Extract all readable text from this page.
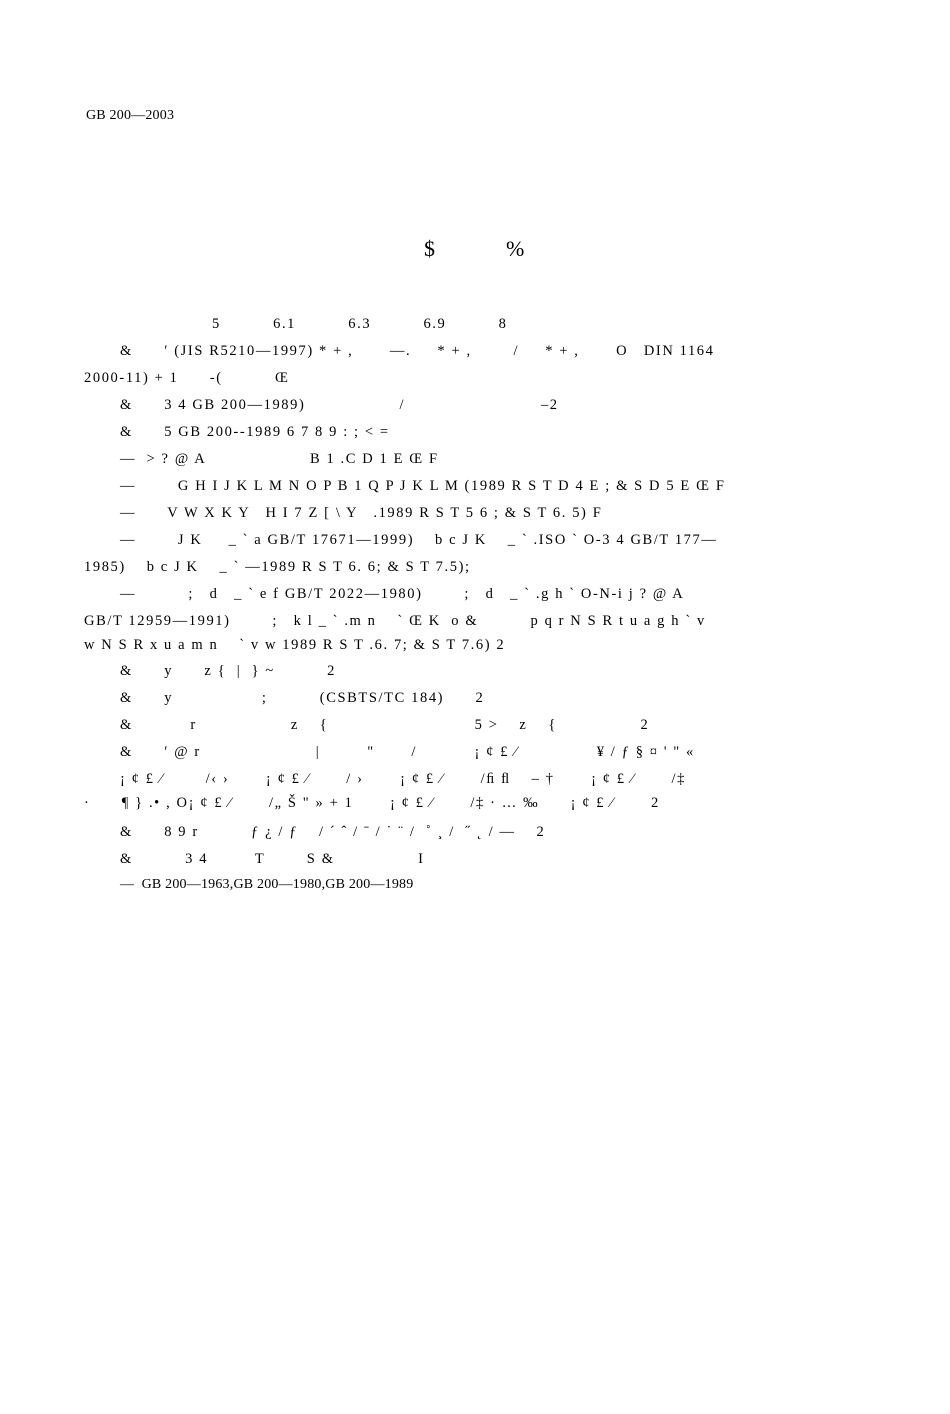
GB 200—2003
$	%
5          6.1          6.3          6.9          8
&      ′ (JIS R5210—1997) * + ,       —.     * + ,        /     * + ,       O   DIN 1164
2000-11) + 1      ‐(          Œ
&      3 4 GB 200—1989)                  /                          ‒2
&      5 GB 200--1989 6 7 8 9 : ; < =
—  > ? @ A                    B 1 .C D 1 E Œ F
—        G H I J K L M N O P B 1 Q P J K L M (1989 R S T D 4 E ; & S D 5 E Œ F
—      V W X K Y   H I 7 Z [ \ Y   .1989 R S T 5 6 ; & S T 6. 5) F
—        J K     _ ` a GB/T 17671—1999)    b c J K    _ ` .ISO ` O-3 4 GB/T 177—
1985)    b c J K    _ ` —1989 R S T 6. 6; & S T 7.5);
—          ;   d   _ ` e f GB/T 2022—1980)        ;   d   _ ` .g h ` O-N-i j ? @ A
GB/T 12959—1991)        ;   k l _ ` .m n    ` Œ K  o &          p q r N S R t u a g h ` v
w N S R x u a m n    ` v w 1989 R S T .6. 7; & S T 7.6) 2
&      y      z {  |  } ~          2
&      y                 ;          (CSBTS/TC 184)      2
&           r                  z    {                            5 >    z    {                2
&      ′ @ r                      |         "       /           ¡ ¢ £ ⁄               ¥ / ƒ § ¤ ' " «
¡ ¢ £ ⁄        /‹ ›       ¡ ¢ £ ⁄       / ›       ¡ ¢ £ ⁄       /ﬁ ﬂ    – †       ¡ ¢ £ ⁄       /‡
·      ¶ } .• , O¡ ¢ £ ⁄       /„ Š " » + 1       ¡ ¢ £ ⁄       /‡ · … ‰      ¡ ¢ £ ⁄       2
&      8 9 r          ƒ ¿ / ƒ    / ˊ ˆ / ˉ / ˙ ¨ /  ˚ ¸ /  ˝ ˛ / —    2
&          3 4         T        S &                I
—  GB 200—1963,GB 200—1980,GB 200—1989
